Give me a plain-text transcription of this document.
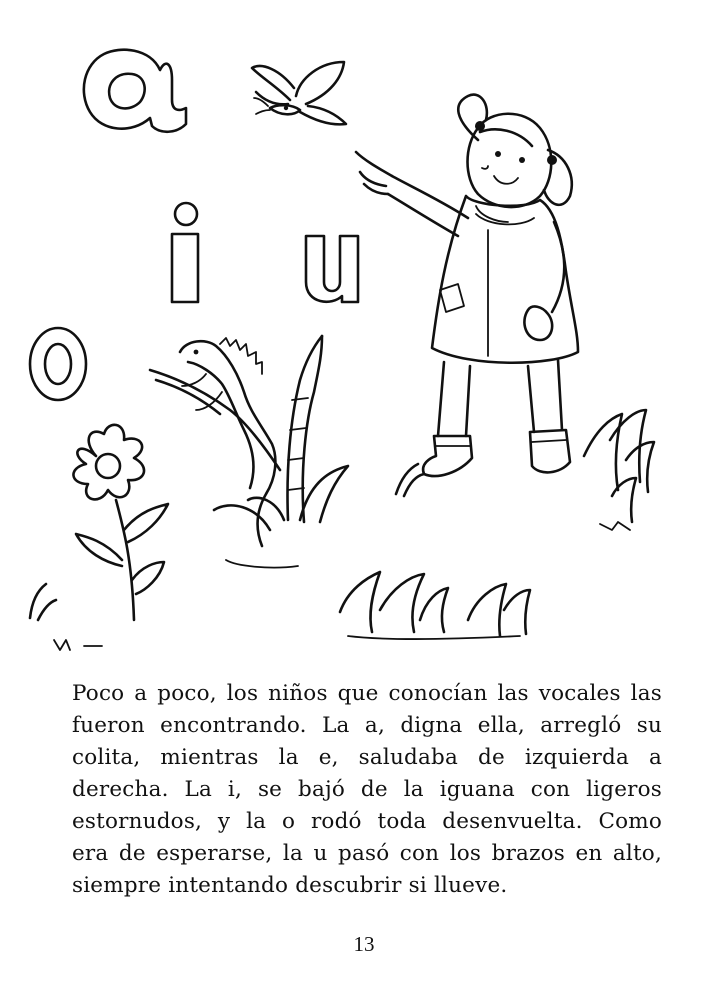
Poco a poco, los niños que conocían las vocales las
fueron encontrando. La a, digna ella, arregló su
colita, mientras la e, saludaba de izquierda a
derecha. La i, se bajó de la iguana con ligeros
estornudos, y la o rodó toda desenvuelta. Como
era de esperarse, la u pasó con los brazos en alto,
siempre intentando descubrir si llueve.
13
